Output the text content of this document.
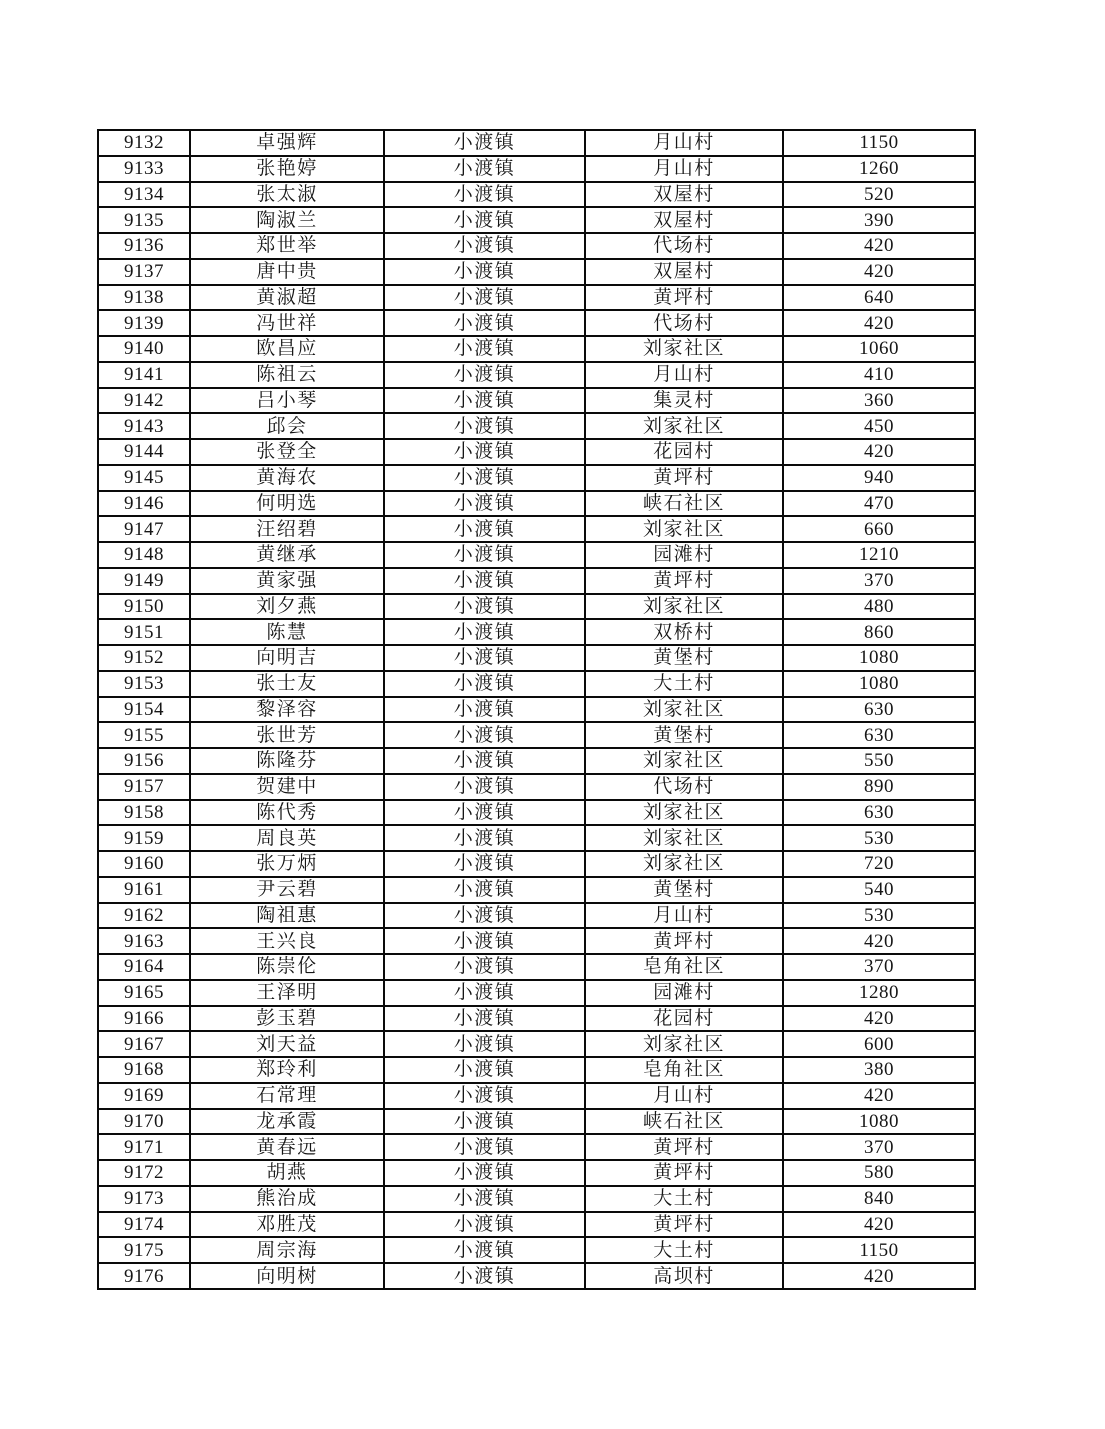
9132	卓强辉	小渡镇	月山村	1150
9133	张艳婷	小渡镇	月山村	1260
9134	张太淑	小渡镇	双屋村	520
9135	陶淑兰	小渡镇	双屋村	390
9136	郑世举	小渡镇	代场村	420
9137	唐中贵	小渡镇	双屋村	420
9138	黄淑超	小渡镇	黄坪村	640
9139	冯世祥	小渡镇	代场村	420
9140	欧昌应	小渡镇	刘家社区	1060
9141	陈祖云	小渡镇	月山村	410
9142	吕小琴	小渡镇	集灵村	360
9143	邱会	小渡镇	刘家社区	450
9144	张登全	小渡镇	花园村	420
9145	黄海农	小渡镇	黄坪村	940
9146	何明选	小渡镇	峡石社区	470
9147	汪绍碧	小渡镇	刘家社区	660
9148	黄继承	小渡镇	园滩村	1210
9149	黄家强	小渡镇	黄坪村	370
9150	刘夕燕	小渡镇	刘家社区	480
9151	陈慧	小渡镇	双桥村	860
9152	向明吉	小渡镇	黄堡村	1080
9153	张士友	小渡镇	大土村	1080
9154	黎泽容	小渡镇	刘家社区	630
9155	张世芳	小渡镇	黄堡村	630
9156	陈隆芬	小渡镇	刘家社区	550
9157	贺建中	小渡镇	代场村	890
9158	陈代秀	小渡镇	刘家社区	630
9159	周良英	小渡镇	刘家社区	530
9160	张万炳	小渡镇	刘家社区	720
9161	尹云碧	小渡镇	黄堡村	540
9162	陶祖惠	小渡镇	月山村	530
9163	王兴良	小渡镇	黄坪村	420
9164	陈崇伦	小渡镇	皂角社区	370
9165	王泽明	小渡镇	园滩村	1280
9166	彭玉碧	小渡镇	花园村	420
9167	刘天益	小渡镇	刘家社区	600
9168	郑玲利	小渡镇	皂角社区	380
9169	石常理	小渡镇	月山村	420
9170	龙承霞	小渡镇	峡石社区	1080
9171	黄春远	小渡镇	黄坪村	370
9172	胡燕	小渡镇	黄坪村	580
9173	熊治成	小渡镇	大土村	840
9174	邓胜茂	小渡镇	黄坪村	420
9175	周宗海	小渡镇	大土村	1150
9176	向明树	小渡镇	高坝村	420
